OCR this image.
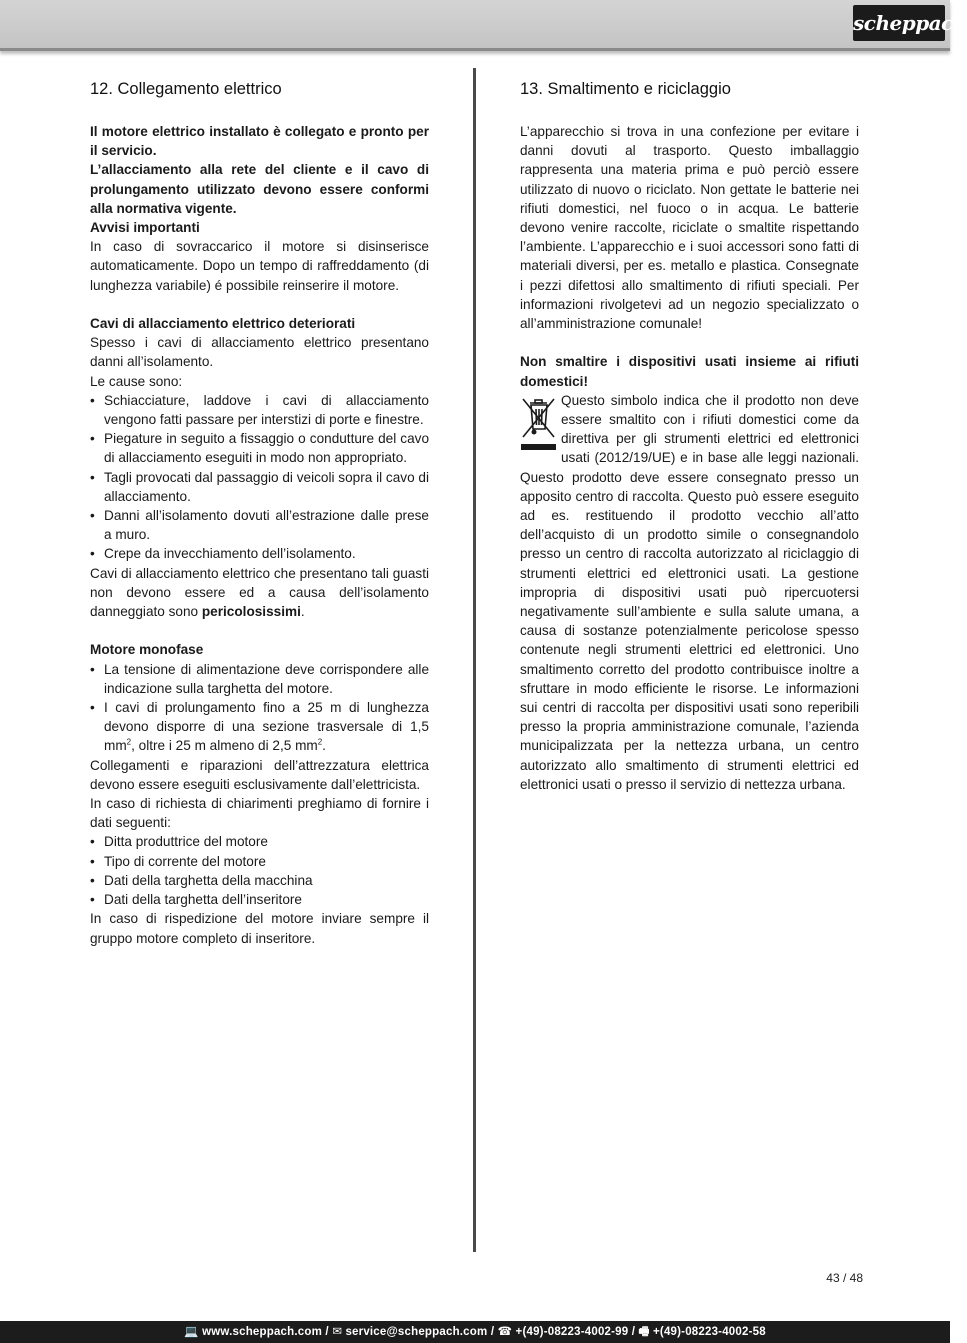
scheppach
12. Collegamento elettrico

Il motore elettrico installato è collegato e pronto per il servicio.

L’allacciamento alla rete del cliente e il cavo di prolungamento utilizzato devono essere conformi alla normativa vigente.

Avvisi importanti

In caso di sovraccarico il motore si disinserisce automaticamente. Dopo un tempo di raffreddamento (di lunghezza variabile) é possibile reinserire il motore.

Cavi di allacciamento elettrico deteriorati

Spesso i cavi di allacciamento elettrico presentano danni all’isolamento.

Le cause sono:

• Schiacciature, laddove i cavi di allacciamento vengono fatti passare per interstizi di porte e finestre.
• Piegature in seguito a fissaggio o condutture del cavo di allacciamento eseguiti in modo non appropriato.
• Tagli provocati dal passaggio di veicoli sopra il cavo di allacciamento.
• Danni all’isolamento dovuti all’estrazione dalle prese a muro.
• Crepe da invecchiamento dell’isolamento.

Cavi di allacciamento elettrico che presentano tali guasti non devono essere ed a causa dell’isolamento danneggiato sono pericolosissimi.

Motore monofase

• La tensione di alimentazione deve corrispondere alle indicazione sulla targhetta del motore.
• I cavi di prolungamento fino a 25 m di lunghezza devono disporre di una sezione trasversale di 1,5 $mm^2$, oltre i 25 m almeno di 2,5 $mm^2$.

Collegamenti e riparazioni dell’attrezzatura elettrica devono essere eseguiti esclusivamente dall’elettricista.

In caso di richiesta di chiarimenti preghiamo di fornire i dati seguenti:

• Ditta produttrice del motore
• Tipo di corrente del motore
• Dati della targhetta della macchina
• Dati della targhetta dell’inseritore

In caso di rispedizione del motore inviare sempre il gruppo motore completo di inseritore.

13. Smaltimento e riciclaggio

L’apparecchio si trova in una confezione per evitare i danni dovuti al trasporto. Questo imballaggio rappresenta una materia prima e può perciò essere utilizzato di nuovo o riciclato. Non gettate le batterie nei rifiuti domestici, nel fuoco o in acqua. Le batterie devono venire raccolte, riciclate o smaltite rispettando l’ambiente. L’apparecchio e i suoi accessori sono fatti di materiali diversi, per es. metallo e plastica. Consegnate i pezzi difettosi allo smaltimento di rifiuti speciali. Per informazioni rivolgetevi ad un negozio specializzato o all’amministrazione comunale!

Non smaltire i dispositivi usati insieme ai rifiuti domestici!

Questo simbolo indica che il prodotto non deve essere smaltito con i rifiuti domestici come da direttiva per gli strumenti elettrici ed elettronici usati (2012/19/UE) e in base alle leggi nazionali. Questo prodotto deve essere consegnato presso un apposito centro di raccolta. Questo può essere eseguito ad es. restituendo il prodotto vecchio all’atto dell’acquisto di un prodotto simile o consegnandolo presso un centro di raccolta autorizzato al riciclaggio di strumenti elettrici ed elettronici usati. La gestione impropria di dispositivi usati può ripercuotersi negativamente sull’ambiente e sulla salute umana, a causa di sostanze potenzialmente pericolose spesso contenute negli strumenti elettrici ed elettronici. Uno smaltimento corretto del prodotto contribuisce inoltre a sfruttare in modo efficiente le risorse. Le informazioni sui centri di raccolta per dispositivi usati sono reperibili presso la propria amministrazione comunale, l’azienda municipalizzata per la nettezza urbana, un centro autorizzato allo smaltimento di strumenti elettrici ed elettronici usati o presso il servizio di nettezza urbana.

43 / 48
💻 www.scheppach.com / ✉ service@scheppach.com / ☎ +(49)-08223-4002-99 / 🖷 +(49)-08223-4002-58
